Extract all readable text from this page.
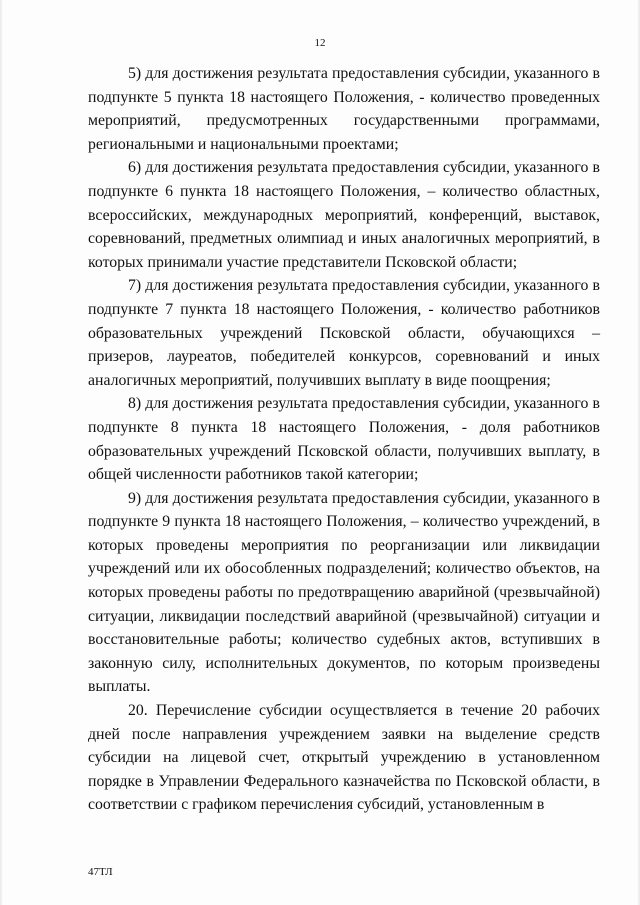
12

5) для достижения результата предоставления субсидии, указанного в подпункте 5 пункта 18 настоящего Положения, - количество проведенных мероприятий, предусмотренных государственными программами, региональными и национальными проектами;

6) для достижения результата предоставления субсидии, указанного в подпункте 6 пункта 18 настоящего Положения, – количество областных, всероссийских, международных мероприятий, конференций, выставок, соревнований, предметных олимпиад и иных аналогичных мероприятий, в которых принимали участие представители Псковской области;

7) для достижения результата предоставления субсидии, указанного в подпункте 7 пункта 18 настоящего Положения, - количество работников образовательных учреждений Псковской области, обучающихся – призеров, лауреатов, победителей конкурсов, соревнований и иных аналогичных мероприятий, получивших выплату в виде поощрения;

8) для достижения результата предоставления субсидии, указанного в подпункте 8 пункта 18 настоящего Положения, - доля работников образовательных учреждений Псковской области, получивших выплату, в общей численности работников такой категории;

9) для достижения результата предоставления субсидии, указанного в подпункте 9 пункта 18 настоящего Положения, – количество учреждений, в которых проведены мероприятия по реорганизации или ликвидации учреждений или их обособленных подразделений; количество объектов, на которых проведены работы по предотвращению аварийной (чрезвычайной) ситуации, ликвидации последствий аварийной (чрезвычайной) ситуации и восстановительные работы; количество судебных актов, вступивших в законную силу, исполнительных документов, по которым произведены выплаты.

20. Перечисление субсидии осуществляется в течение 20 рабочих дней после направления учреждением заявки на выделение средств субсидии на лицевой счет, открытый учреждению в установленном порядке в Управлении Федерального казначейства по Псковской области, в соответствии с графиком перечисления субсидий, установленным в

47ТЛ
